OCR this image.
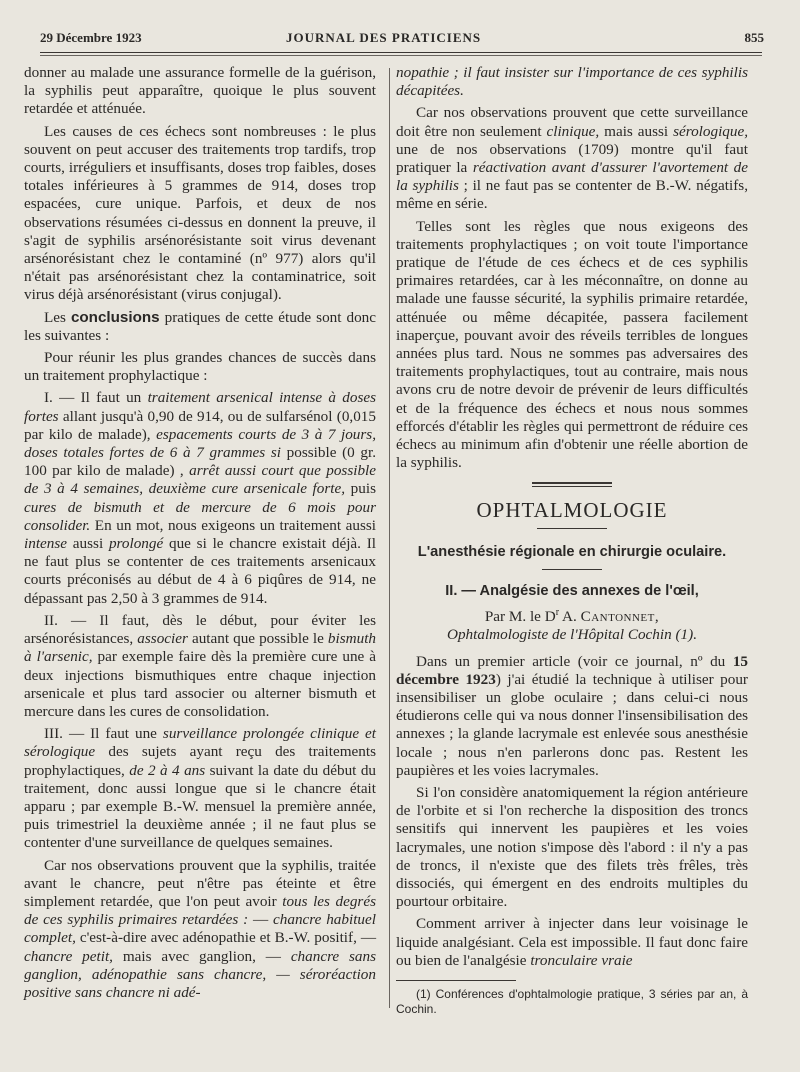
29 Décembre 1923	JOURNAL DES PRATICIENS	855

donner au malade une assurance formelle de la guérison, la syphilis peut apparaître, quoique le plus souvent retardée et atténuée.

Les causes de ces échecs sont nombreuses : le plus souvent on peut accuser des traitements trop tardifs, trop courts, irréguliers et insuffisants, doses trop faibles, doses totales inférieures à 5 grammes de 914, doses trop espacées, cure unique. Parfois, et deux de nos observations résumées ci-dessus en donnent la preuve, il s'agit de syphilis arsénorésistante soit virus devenant arsénorésistant chez le contaminé (nº 977) alors qu'il n'était pas arsénorésistant chez la contaminatrice, soit virus déjà arsénorésistant (virus conjugal).

Les conclusions pratiques de cette étude sont donc les suivantes :

Pour réunir les plus grandes chances de succès dans un traitement prophylactique :

I. — Il faut un traitement arsenical intense à doses fortes allant jusqu'à 0,90 de 914, ou de sulfarsénol (0,015 par kilo de malade), espacements courts de 3 à 7 jours, doses totales fortes de 6 à 7 grammes si possible (0 gr. 100 par kilo de malade) , arrêt aussi court que possible de 3 à 4 semaines, deuxième cure arsenicale forte, puis cures de bismuth et de mercure de 6 mois pour consolider. En un mot, nous exigeons un traitement aussi intense aussi prolongé que si le chancre existait déjà. Il ne faut plus se contenter de ces traitements arsenicaux courts préconisés au début de 4 à 6 piqûres de 914, ne dépassant pas 2,50 à 3 grammes de 914.

II. — Il faut, dès le début, pour éviter les arsénorésistances, associer autant que possible le bismuth à l'arsenic, par exemple faire dès la première cure une à deux injections bismuthiques entre chaque injection arsenicale et plus tard associer ou alterner bismuth et mercure dans les cures de consolidation.

III. — Il faut une surveillance prolongée clinique et sérologique des sujets ayant reçu des traitements prophylactiques, de 2 à 4 ans suivant la date du début du traitement, donc aussi longue que si le chancre était apparu ; par exemple B.-W. mensuel la première année, puis trimestriel la deuxième année ; il ne faut plus se contenter d'une surveillance de quelques semaines.

Car nos observations prouvent que la syphilis, traitée avant le chancre, peut n'être pas éteinte et être simplement retardée, que l'on peut avoir tous les degrés de ces syphilis primaires retardées : — chancre habituel complet, c'est-à-dire avec adénopathie et B.-W. positif, — chancre petit, mais avec ganglion, — chancre sans ganglion, adénopathie sans chancre, — séroréaction positive sans chancre ni adé-

nopathie ; il faut insister sur l'importance de ces syphilis décapitées.

Car nos observations prouvent que cette surveillance doit être non seulement clinique, mais aussi sérologique, une de nos observations (1709) montre qu'il faut pratiquer la réactivation avant d'assurer l'avortement de la syphilis ; il ne faut pas se contenter de B.-W. négatifs, même en série.

Telles sont les règles que nous exigeons des traitements prophylactiques ; on voit toute l'importance pratique de l'étude de ces échecs et de ces syphilis primaires retardées, car à les méconnaître, on donne au malade une fausse sécurité, la syphilis primaire retardée, atténuée ou même décapitée, passera facilement inaperçue, pouvant avoir des réveils terribles de longues années plus tard. Nous ne sommes pas adversaires des traitements prophylactiques, tout au contraire, mais nous avons cru de notre devoir de prévenir de leurs difficultés et de la fréquence des échecs et nous nous sommes efforcés d'établir les règles qui permettront de réduire ces échecs au minimum afin d'obtenir une réelle abortion de la syphilis.

OPHTALMOLOGIE
L'anesthésie régionale en chirurgie oculaire.
II. — Analgésie des annexes de l'œil,
Par M. le $D^r$ A. Cantonnet,
Ophtalmologiste de l'Hôpital Cochin (1).

Dans un premier article (voir ce journal, nº du 15 décembre 1923) j'ai étudié la technique à utiliser pour insensibiliser un globe oculaire ; dans celui-ci nous étudierons celle qui va nous donner l'insensibilisation des annexes ; la glande lacrymale est enlevée sous anesthésie locale ; nous n'en parlerons donc pas. Restent les paupières et les voies lacrymales.

Si l'on considère anatomiquement la région antérieure de l'orbite et si l'on recherche la disposition des troncs sensitifs qui innervent les paupières et les voies lacrymales, une notion s'impose dès l'abord : il n'y a pas de troncs, il n'existe que des filets très frêles, très dissociés, qui émergent en des endroits multiples du pourtour orbitaire.

Comment arriver à injecter dans leur voisinage le liquide analgésiant. Cela est impossible. Il faut donc faire ou bien de l'analgésie tronculaire vraie

(1) Conférences d'ophtalmologie pratique, 3 séries par an, à Cochin.
